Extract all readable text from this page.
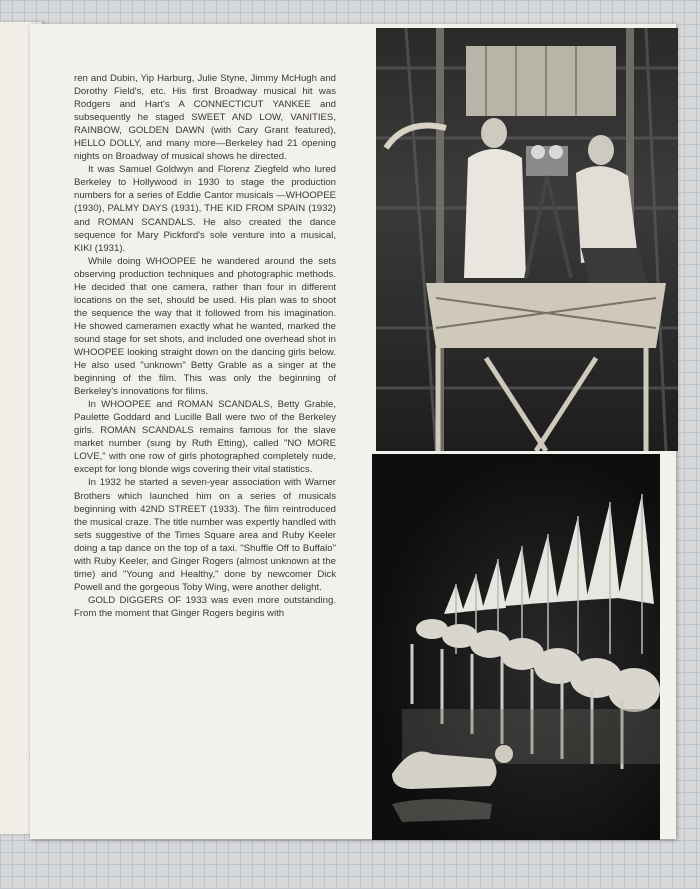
ren and Dubin, Yip Harburg, Julie Styne, Jimmy McHugh and Dorothy Field's, etc. His first Broadway musical hit was Rodgers and Hart's A CONNECTICUT YANKEE and subsequently he staged SWEET AND LOW, VANITIES, RAINBOW, GOLDEN DAWN (with Cary Grant featured), HELLO DOLLY, and many more—Berkeley had 21 opening nights on Broadway of musical shows he directed.

It was Samuel Goldwyn and Florenz Ziegfeld who lured Berkeley to Hollywood in 1930 to stage the production numbers for a series of Eddie Cantor musicals —WHOOPEE (1930), PALMY DAYS (1931), THE KID FROM SPAIN (1932) and ROMAN SCANDALS. He also created the dance sequence for Mary Pickford's sole venture into a musical, KIKI (1931).

While doing WHOOPEE he wandered around the sets observing production techniques and photographic methods. He decided that one camera, rather than four in different locations on the set, should be used. His plan was to shoot the sequence the way that it followed from his imagination. He showed cameramen exactly what he wanted, marked the sound stage for set shots, and included one overhead shot in WHOOPEE looking straight down on the dancing girls below. He also used "unknown" Betty Grable as a singer at the beginning of the film. This was only the beginning of Berkeley's innovations for films.

In WHOOPEE and ROMAN SCANDALS, Betty Grable, Paulette Goddard and Lucille Ball were two of the Berkeley girls. ROMAN SCANDALS remains famous for the slave market number (sung by Ruth Etting), called "NO MORE LOVE," with one row of girls photographed completely nude, except for long blonde wigs covering their vital statistics.

In 1932 he started a seven-year association with Warner Brothers which launched him on a series of musicals beginning with 42ND STREET (1933). The film reintroduced the musical craze. The title number was expertly handled with sets suggestive of the Times Square area and Ruby Keeler doing a tap dance on the top of a taxi. "Shuffle Off to Buffalo" with Ruby Keeler, and Ginger Rogers (almost unknown at the time) and "Young and Healthy," done by newcomer Dick Powell and the gorgeous Toby Wing, were another delight.

GOLD DIGGERS OF 1933 was even more outstanding. From the moment that Ginger Rogers begins with
